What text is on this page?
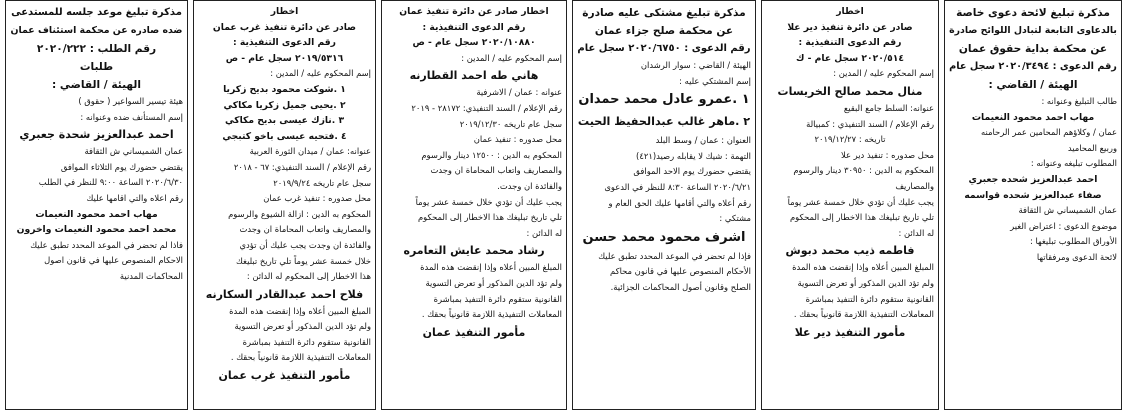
مذكرة تبليغ لائحة دعوى خاصة
بالدعاوى التابعة لتبادل اللوائح صادرة
عن محكمة بداية حقوق عمان
رقم الدعوى : ٢٠٢٠/٣٤٩٤ سجل عام
الهيئة / القاضي :
طالب التبليغ وعنوانه :
مهاب احمد محمود النعيمات
عمان / وكلاؤهم المحامين عمر الرحامنه
وربيع المحاميد
المطلوب تبليغه وعنوانه :
احمد عبدالعزيز شحده جعبري
صفاء عبدالعزيز شحده قواسمه
عمان الشميساني ش الثقافة
موضوع الدعوى : اعتراض الغير
الأوراق المطلوب تبليغها :
لائحة الدعوى ومرفقاتها
اخطار
صادر عن دائرة تنفيذ دير علا
رقم الدعوى التنفيذية :
٢٠٢٠/٥١٤ سجل عام - ك
إسم المحكوم عليه / المدين :
منال محمد صالح الخريسات
عنوانه: السلط جامع البقيع
رقم الإعلام / السند التنفيذي : كمبيالة
تاريخه : ٢٠١٩/١٢/٢٧
محل صدوره : تنفيذ دير علا
المحكوم به الدين : ٣٠٩٥٠ دينار والرسوم
والمصاريف
يجب عليك أن تؤدي خلال خمسة عشر يوماً
تلي تاريخ تبليغك هذا الاخطار إلى المحكوم
له الدائن :
فاطمه ذيب محمد دبوش
المبلغ المبين أعلاه وإذا إنقضت هذه المدة
ولم تؤد الدين المذكور أو تعرض التسوية
القانونية ستقوم دائرة التنفيذ بمباشرة
المعاملات التنفيذية اللازمة قانونياً بحقك .
مأمور التنفيذ دير علا
مذكرة تبليغ مشتكى عليه صادرة
عن محكمة صلح جزاء عمان
رقم الدعوى : ٢٠٢٠/٦٧٥٠ سجل عام
الهيئة / القاضي : سوار الرشدان
إسم المشتكي عليه :
١ .عمرو عادل محمد حمدان
٢ .ماهر غالب عبدالحفيظ الحيت
العنوان : عمان / وسط البلد
التهمة : شيك لا يقابله رصيد(٤٢١)
يقتضي حضورك يوم الاحد الموافق
٢٠٢٠/٦/٢١ الساعة ٨:٣٠ للنظر في الدعوى
رقم أعلاه والتي أقامها عليك الحق العام و
مشتكي :
اشرف محمود محمد حسن
فإذا لم تحضر في الموعد المحدد تطبق عليك
الأحكام المنصوص عليها في قانون محاكم
الصلح وقانون أصول المحاكمات الجزائية.
اخطار صادر عن دائرة تنفيذ عمان
رقم الدعوى التنفيذية :
٢٠٢٠/١٠٨٨٠ سجل عام - ص
إسم المحكوم عليه / المدين :
هاني طه احمد القطارنه
عنوانه : عمان / الاشرفية
رقم الإعلام / السند التنفيذي: ٢٨١٧٢ - ٢٠١٩
سجل عام تاريخه ٢٠١٩/١٢/٣٠
محل صدوره : تنفيذ عمان
المحكوم به الدين : ١٢٥٠٠ دينار والرسوم
والمصاريف واتعاب المحاماة ان وجدت
والفائدة ان وجدت.
يجب عليك أن تؤدي خلال خمسة عشر يوماً
تلي تاريخ تبليغك هذا الاخطار إلى المحكوم
له الدائن :
رشاد محمد عايش التعامره
المبلغ المبين أعلاه وإذا إنقضت هذه المدة
ولم تؤد الدين المذكور أو تعرض التسوية
القانونية ستقوم دائرة التنفيذ بمباشرة
المعاملات التنفيذية اللازمة قانونياً بحقك .
مأمور التنفيذ عمان
اخطار
صادر عن دائرة تنفيذ غرب عمان
رقم الدعوى التنفيذية :
٢٠١٩/٥٣١٦ سجل عام - ص
إسم المحكوم عليه / المدين :
١ .شوكت محمود بديح زكريا
٢ .يحيى جميل زكريا مكاكي
٣ .نازك عيسى بديح مكاكي
٤ .فتحيه عيسى باخو كتبجي
عنوانه: عمان / ميدان الثورة العربية
رقم الإعلام / السند التنفيذي: ٦٧ - ٢٠١٨
سجل عام تاريخه ٢٠١٩/٩/٢٤
محل صدوره : تنفيذ غرب عمان
المحكوم به الدين : ازالة الشيوع والرسوم
والمصاريف واتعاب المحاماة ان وجدت
والفائدة ان وجدت يجب عليك أن تؤدي
خلال خمسة عشر يوماً تلي تاريخ تبليغك
هذا الاخطار إلى المحكوم له الدائن :
فلاح احمد عبدالقادر السكارنه
المبلغ المبين أعلاه وإذا إنقضت هذه المدة
ولم تؤد الدين المذكور أو تعرض التسوية
القانونية ستقوم دائرة التنفيذ بمباشرة
المعاملات التنفيذية اللازمة قانونياً بحقك .
مأمور التنفيذ غرب عمان
مذكرة تبليغ موعد جلسه للمستدعى
ضده صادره عن محكمة استئناف عمان
رقم الطلب : ٢٠٢٠/٢٢٢
طلبات
الهيئة / القاضي :
هيئة تيسير السواعير ( حقوق )
إسم المستأنف ضده وعنوانه :
احمد عبدالعزيز شحدة جعبري
عمان الشميساني ش الثقافة
يقتضي حضورك يوم الثلاثاء الموافق
٢٠٢٠/٦/٣٠ الساعة ٩:٠٠ للنظر في الطلب
رقم اعلاه والتي اقامها عليك
مهاب احمد محمود النعيمات
محمد احمد محمود النعيمات واخرون
فاذا لم تحضر في الموعد المحدد تطبق عليك
الاحكام المنصوص عليها في قانون اصول
المحاكمات المدنية
